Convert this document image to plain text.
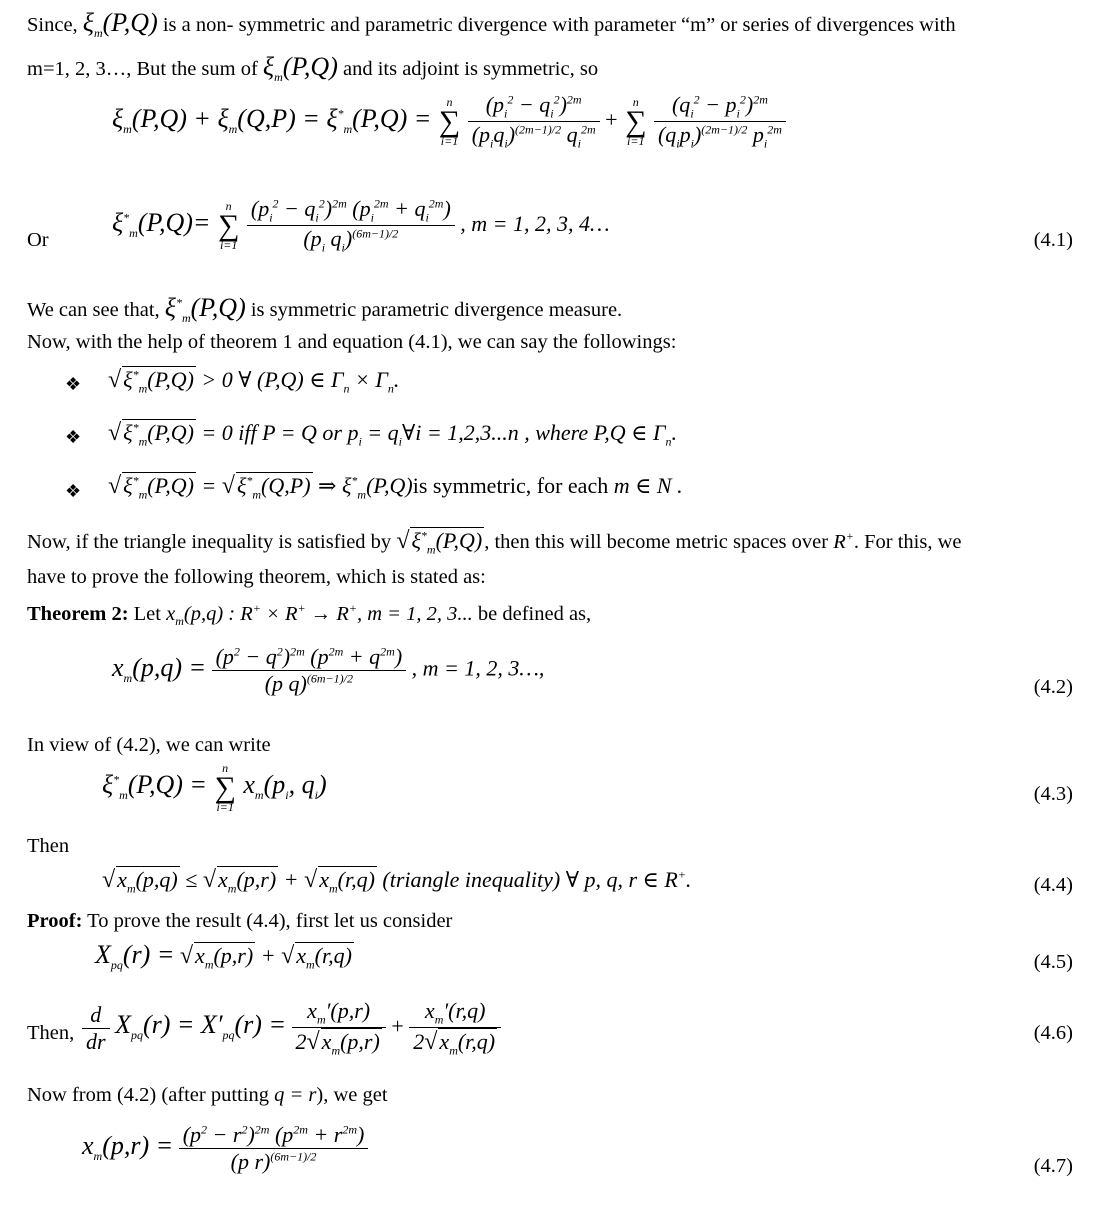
Since, $\xi_m(P,Q)$ is a non- symmetric and parametric divergence with parameter “m” or series of divergences with
m=1, 2, 3…, But the sum of $\xi_m(P,Q)$ and its adjoint is symmetric, so
$\xi_m(P,Q) + \xi_m(Q,P) = \xi^*_m(P,Q)$ =
n
∑
i=1
$\frac{(p_i^2 - q_i^2)^{2m}}{(p_iq_i)^{(2m-1)/2} q_i^{2m}}$ +
n
∑
i=1
$\frac{(q_i^2 - p_i^2)^{2m}}{(q_ip_i)^{(2m-1)/2} p_i^{2m}}$
Or
$\xi^*_m(P,Q)=$
n
∑
i=1
$\frac{(p_i^2 - q_i^2)^{2m} (p_i^{2m} + q_i^{2m})}{(p_i q_i)^{(6m-1)/2}}$ , m = 1, 2, 3, 4…
(4.1)
We can see that, $\xi^*_m(P,Q)$ is symmetric parametric divergence measure.
Now, with the help of theorem 1 and equation (4.1), we can say the followings:
❖ $√\xi^*_m(P,Q) > 0$ ∀ (P,Q) ∈ $\Gamma_n \times \Gamma_n$.
❖ $√\xi^*_m(P,Q) = 0$ iff P = Q or $p_i$ = $q_i\forall i = 1,2,3...n$ , where P,Q ∈ $\Gamma_n$.
❖ $√\xi^*_m(P,Q) = √\xi^*_m(Q,P)$ ⇒ $\xi^*_m(P,Q)is$ symmetric, for each m ∈ N .
Now, if the triangle inequality is satisfied by $√\xi^*_m(P,Q)$, then this will become metric spaces over R+. For this, we
have to prove the following theorem, which is stated as:
Theorem 2: Let $x_m(p,q)$ : R+ × R+ → R+, m = 1, 2, 3... be defined as,
$x_m(p,q) = \frac{(p^2 - q^2)^{2m} (p^{2m} + q^{2m})}{(p q)^{(6m-1)/2}}$ , m = 1, 2, 3…,
(4.2)
In view of (4.2), we can write
$\xi^*_m(P,Q)$ =
n
∑
i=1
$x_m(p_i$, $q_i$)	(4.3)
Then
$√x_m(p,q) \le √x_m(p,r) + √x_m(r,q)$ (triangle inequality) ∀ p, q, r ∈ R+.	(4.4)
Proof: To prove the result (4.4), first let us consider
$X_{pq}(r) = √x_m(p,r) + √x_m(r,q)$	(4.5)
Then, $\frac{d}{dr} X_{pq}(r) = X'_{pq}(r) = \frac{x_m'(p,r)}{2√x_m(p,r)} + \frac{x_m'(r,q)}{2√x_m(r,q)}$	(4.6)
Now from (4.2) (after putting q = r), we get
$x_m(p,r) = \frac{(p^2 - r^2)^{2m} (p^{2m} + r^{2m})}{(p r)^{(6m-1)/2}}$	(4.7)
